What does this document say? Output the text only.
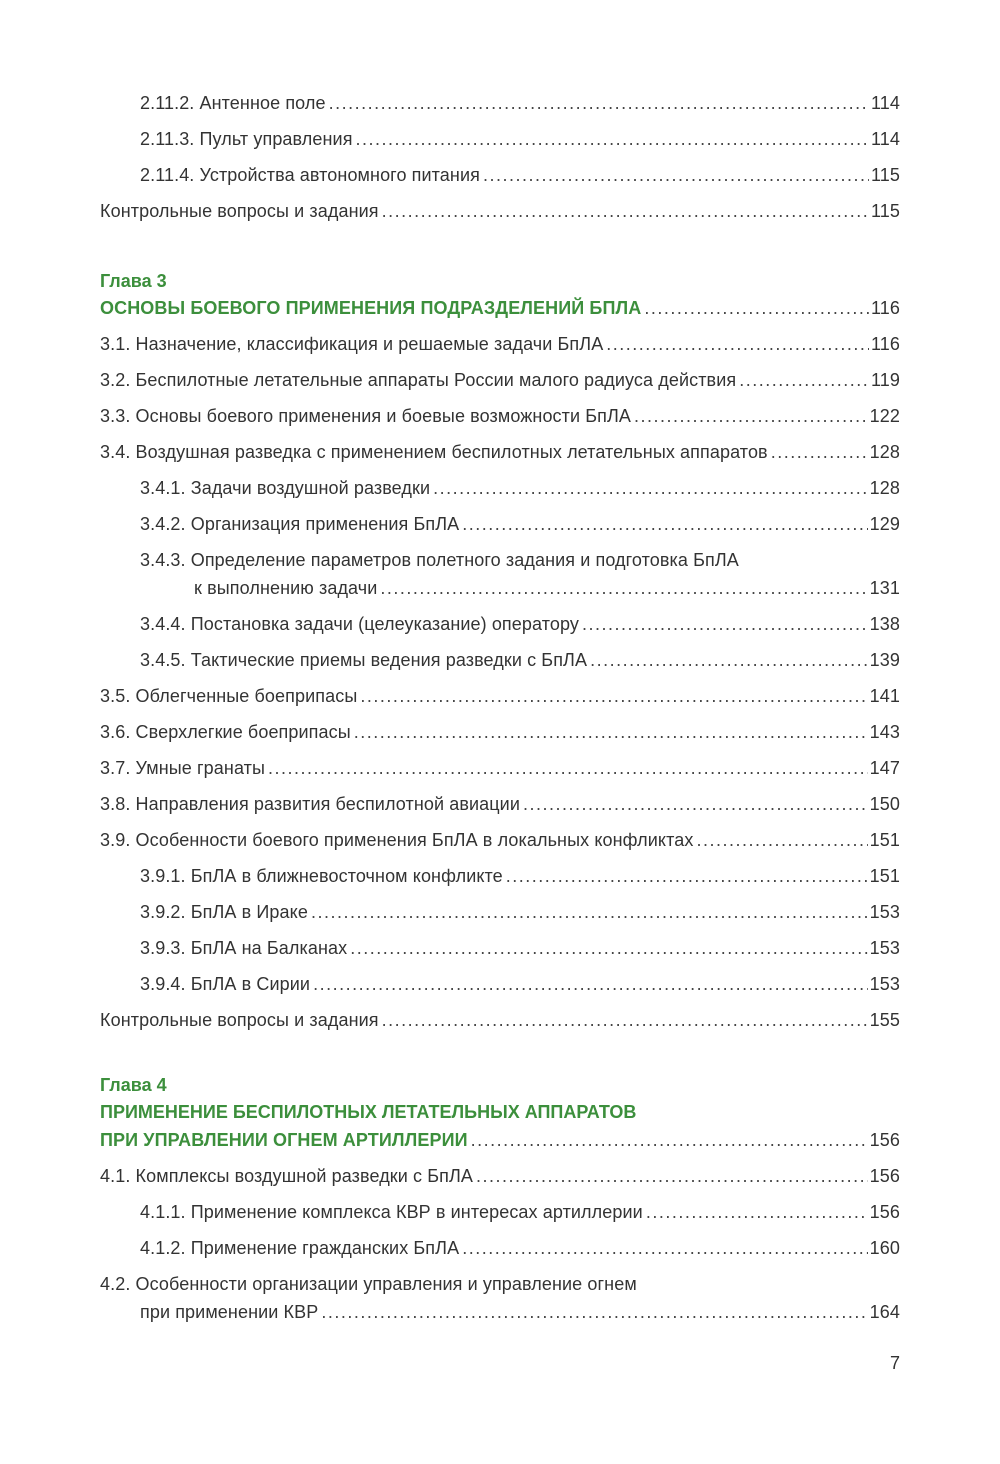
2.11.2. Антенное поле .....	114
2.11.3. Пульт управления .....	114
2.11.4. Устройства автономного питания .....	115
Контрольные вопросы и задания .....	115
Глава 3
ОСНОВЫ БОЕВОГО ПРИМЕНЕНИЯ ПОДРАЗДЕЛЕНИЙ БПЛА .....	116
3.1. Назначение, классификация и решаемые задачи БпЛА .....	116
3.2. Беспилотные летательные аппараты России малого радиуса действия .....	119
3.3. Основы боевого применения и боевые возможности БпЛА .....	122
3.4. Воздушная разведка с применением беспилотных летательных аппаратов .....	128
3.4.1. Задачи воздушной разведки .....	128
3.4.2. Организация применения БпЛА .....	129
3.4.3. Определение параметров полетного задания и подготовка БпЛА
к выполнению задачи .....	131
3.4.4. Постановка задачи (целеуказание) оператору .....	138
3.4.5. Тактические приемы ведения разведки с БпЛА .....	139
3.5. Облегченные боеприпасы .....	141
3.6. Сверхлегкие боеприпасы .....	143
3.7. Умные гранаты .....	147
3.8. Направления развития беспилотной авиации .....	150
3.9. Особенности боевого применения БпЛА в локальных конфликтах .....	151
3.9.1. БпЛА в ближневосточном конфликте .....	151
3.9.2. БпЛА в Ираке .....	153
3.9.3. БпЛА на Балканах .....	153
3.9.4. БпЛА в Сирии .....	153
Контрольные вопросы и задания .....	155
Глава 4
ПРИМЕНЕНИЕ БЕСПИЛОТНЫХ ЛЕТАТЕЛЬНЫХ АППАРАТОВ
ПРИ УПРАВЛЕНИИ ОГНЕМ АРТИЛЛЕРИИ .....	156
4.1. Комплексы воздушной разведки с БпЛА .....	156
4.1.1. Применение комплекса КВР в интересах артиллерии .....	156
4.1.2. Применение гражданских БпЛА .....	160
4.2. Особенности организации управления и управление огнем
при применении КВР .....	164
7
